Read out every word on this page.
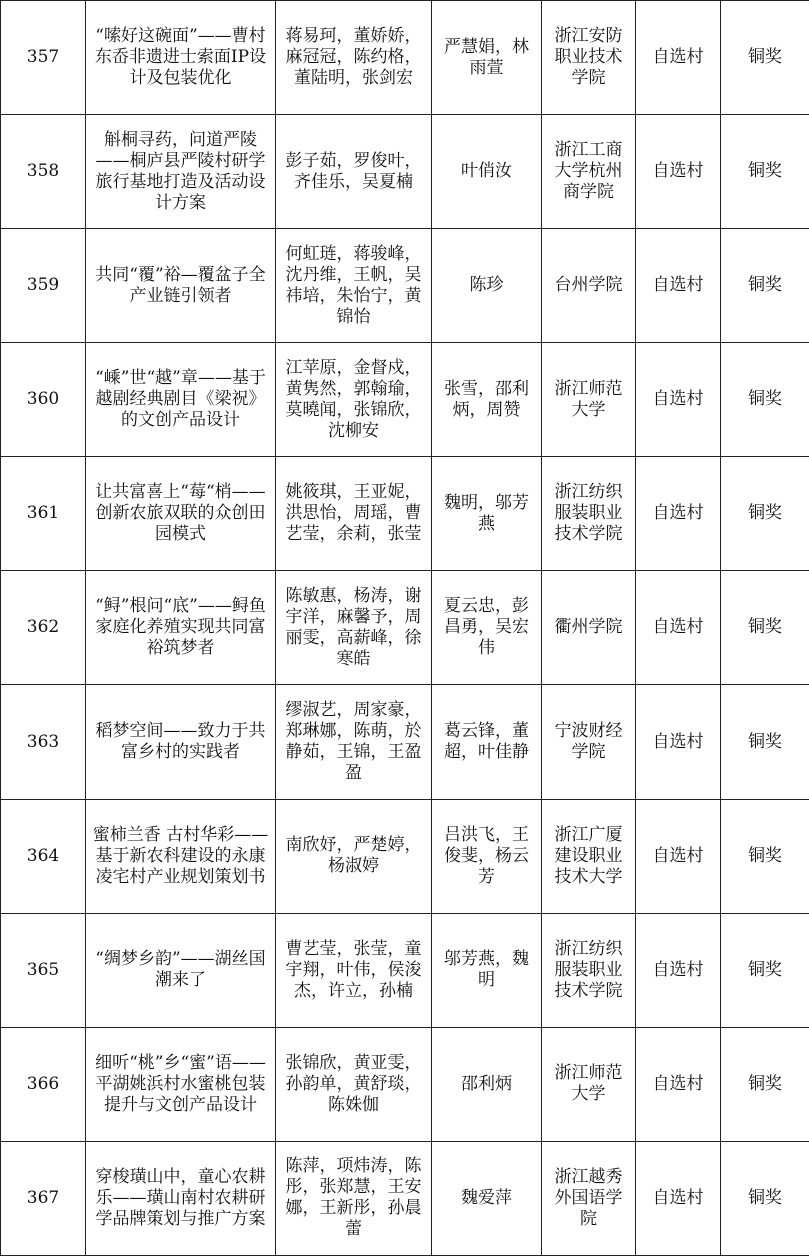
357	“嗦好这碗面”——曹村东岙非遗进士索面IP设计及包装优化	蒋易珂，董娇娇，麻冠冠，陈约格，董陆明，张剑宏	严慧娟，林雨萱	浙江安防职业技术学院	自选村	铜奖
358	斛桐寻药，问道严陵——桐庐县严陵村研学旅行基地打造及活动设计方案	彭子茹，罗俊叶，齐佳乐，吴夏楠	叶俏汝	浙江工商大学杭州商学院	自选村	铜奖
359	共同“覆”裕—覆盆子全产业链引领者	何虹琏，蒋骏峰，沈丹维，王帆，吴祎培，朱怡宁，黄锦怡	陈珍	台州学院	自选村	铜奖
360	“嵊”世“越”章——基于越剧经典剧目《梁祝》的文创产品设计	江苹原，金督戍，黄隽然，郭翰瑜，莫曉闻，张锦欣，沈柳安	张雪，邵利炳，周赞	浙江师范大学	自选村	铜奖
361	让共富喜上“莓“梢——创新农旅双联的众创田园模式	姚筱琪，王亚妮，洪思怡，周瑶，曹艺莹，余莉，张莹	魏明，邬芳燕	浙江纺织服装职业技术学院	自选村	铜奖
362	“鲟”根问“底”——鲟鱼家庭化养殖实现共同富裕筑梦者	陈敏惠，杨涛，谢宇洋，麻馨予，周丽雯，高薪峰，徐寒皓	夏云忠，彭昌勇，吴宏伟	衢州学院	自选村	铜奖
363	稻梦空间——致力于共富乡村的实践者	缪淑艺，周家豪，郑琳娜，陈萌，於静茹，王锦，王盈盈	葛云锋，董超，叶佳静	宁波财经学院	自选村	铜奖
364	蜜柿兰香 古村华彩——基于新农科建设的永康凌宅村产业规划策划书	南欣妤，严楚婷，杨淑婷	吕洪飞，王俊斐，杨云芳	浙江广厦建设职业技术大学	自选村	铜奖
365	“绸梦乡韵”——湖丝国潮来了	曹艺莹，张莹，童宇翔，叶伟，侯浚杰，许立，孙楠	邬芳燕，魏明	浙江纺织服装职业技术学院	自选村	铜奖
366	细听“桃”乡“蜜”语——平湖姚浜村水蜜桃包装提升与文创产品设计	张锦欣，黄亚雯，孙韵单，黄舒琰，陈姝伽	邵利炳	浙江师范大学	自选村	铜奖
367	穿梭璜山中，童心农耕乐——璜山南村农耕研学品牌策划与推广方案	陈萍，项炜涛，陈彤，张郑慧，王安娜，王新彤，孙晨蕾	魏爱萍	浙江越秀外国语学院	自选村	铜奖
